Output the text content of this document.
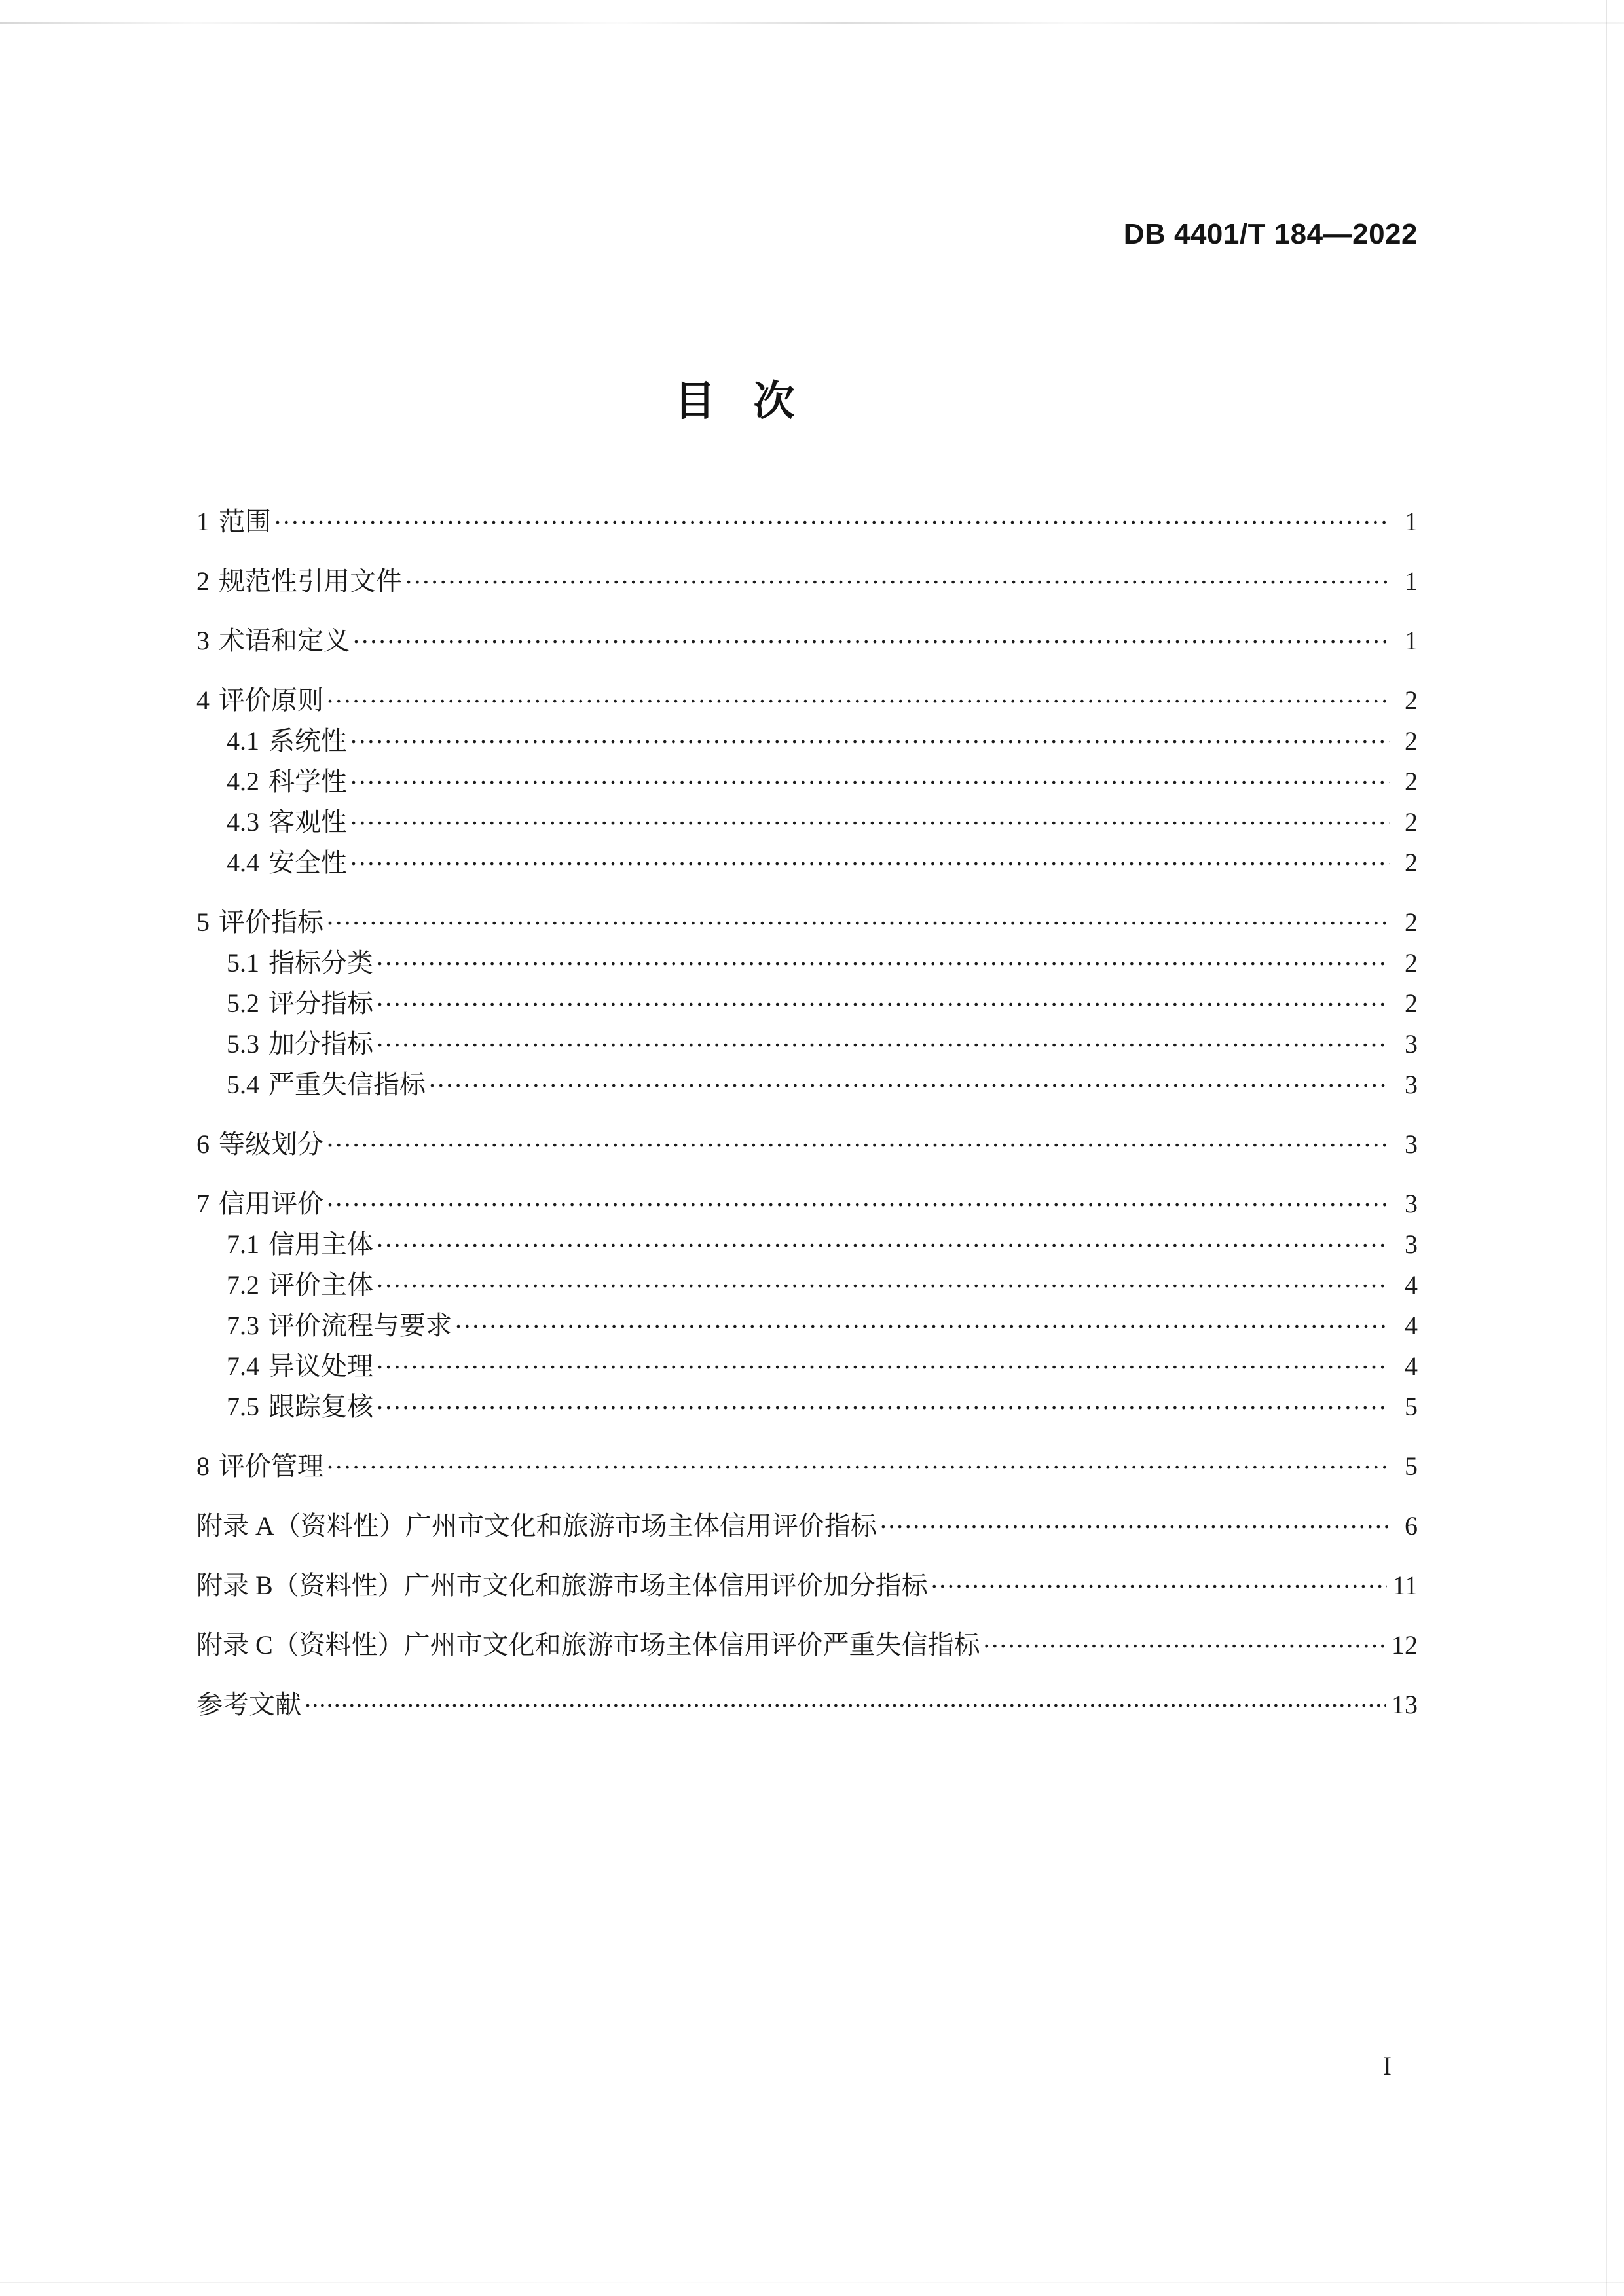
DB 4401/T 184—2022
目 次
1 范围 .....	1
2 规范性引用文件 .....	1
3 术语和定义 .....	1
4 评价原则 .....	2
4.1 系统性 .....	2
4.2 科学性 .....	2
4.3 客观性 .....	2
4.4 安全性 .....	2
5 评价指标 .....	2
5.1 指标分类 .....	2
5.2 评分指标 .....	2
5.3 加分指标 .....	3
5.4 严重失信指标 .....	3
6 等级划分 .....	3
7 信用评价 .....	3
7.1 信用主体 .....	3
7.2 评价主体 .....	4
7.3 评价流程与要求 .....	4
7.4 异议处理 .....	4
7.5 跟踪复核 .....	5
8 评价管理 .....	5
附录 A（资料性）广州市文化和旅游市场主体信用评价指标 .....	6
附录 B（资料性）广州市文化和旅游市场主体信用评价加分指标 .....	11
附录 C（资料性）广州市文化和旅游市场主体信用评价严重失信指标 .....	12
参考文献 .....	13
I
